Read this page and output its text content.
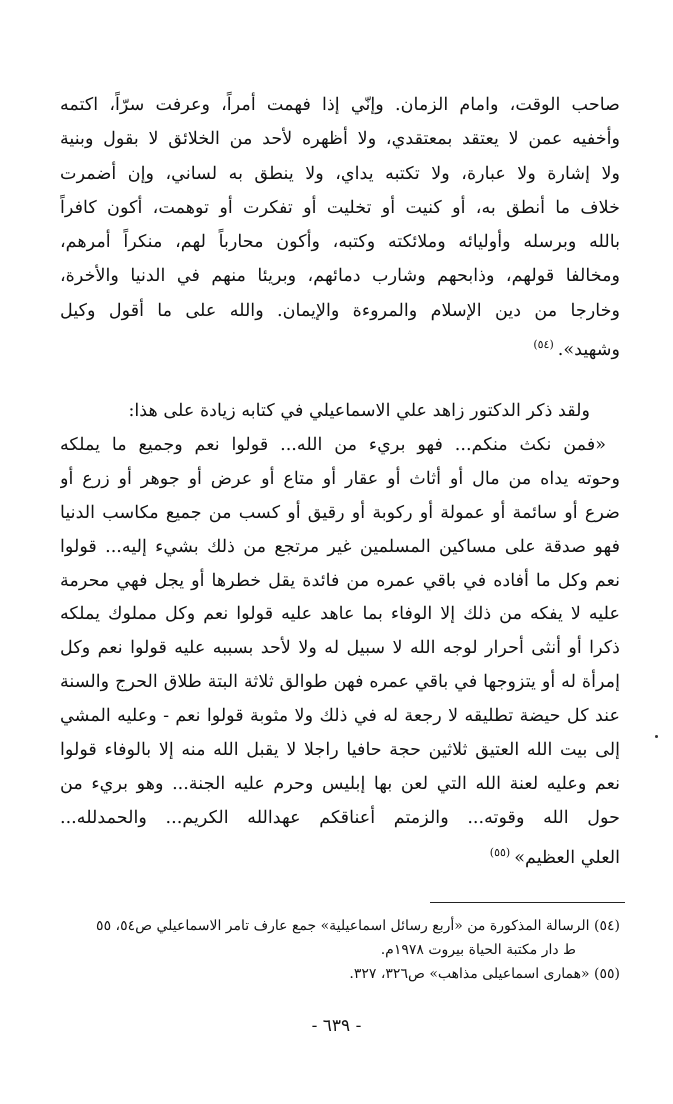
صاحب الوقت، وامام الزمان. وإنّي إذا فهمت أمراً، وعرفت سرّاً، اكتمه
وأخفيه عمن لا يعتقد بمعتقدي، ولا أظهره لأحد من الخلائق لا بقول وبنية
ولا إشارة ولا عبارة، ولا تكتبه يداي، ولا ينطق به لساني، وإن أضمرت
خلاف ما أنطق به، أو كنيت أو تخليت أو تفكرت أو توهمت، أكون كافراً
بالله وبرسله وأوليائه وملائكته وكتبه، وأكون محارباً لهم، منكراً أمرهم،
ومخالفا قولهم، وذابحهم وشارب دمائهم، وبريئا منهم في الدنيا والأخرة،
وخارجا من دين الإسلام والمروءة والإيمان. والله على ما أقول وكيل
وشهيد».$^{(٥٤)}$
ولقد ذكر الدكتور زاهد علي الاسماعيلي في كتابه زيادة على هذا:
«فمن نكث منكم... فهو بريء من الله... قولوا نعم وجميع ما يملكه
وحوته يداه من مال أو أثاث أو عقار أو متاع أو عرض أو جوهر أو زرع أو
ضرع أو سائمة أو عمولة أو ركوبة أو رقيق أو كسب من جميع مكاسب الدنيا
فهو صدقة على مساكين المسلمين غير مرتجع من ذلك بشيء إليه... قولوا
نعم وكل ما أفاده في باقي عمره من فائدة يقل خطرها أو يجل فهي محرمة
عليه لا يفكه من ذلك إلا الوفاء بما عاهد عليه قولوا نعم وكل مملوك يملكه
ذكرا أو أنثى أحرار لوجه الله لا سبيل له ولا لأحد بسببه عليه قولوا نعم وكل
إمرأة له أو يتزوجها في باقي عمره فهن طوالق ثلاثة البتة طلاق الحرج والسنة
عند كل حيضة تطليقه لا رجعة له في ذلك ولا مثوبة قولوا نعم - وعليه المشي
إلى بيت الله العتيق ثلاثين حجة حافيا راجلا لا يقبل الله منه إلا بالوفاء قولوا
نعم وعليه لعنة الله التي لعن بها إبليس وحرم عليه الجنة... وهو بريء من
حول الله وقوته... والزمتم أعناقكم عهدالله الكريم... والحمدلله...
العلي العظيم»$^{(٥٥)}$
(٥٤) الرسالة المذكورة من «أربع رسائل اسماعيلية» جمع عارف تامر الاسماعيلي ص٥٤، ٥٥
ط دار مكتبة الحياة بيروت ١٩٧٨م.
(٥٥) «هماری اسماعیلی مذاهب» ص٣٢٦، ٣٢٧.
- ٦٣٩ -
